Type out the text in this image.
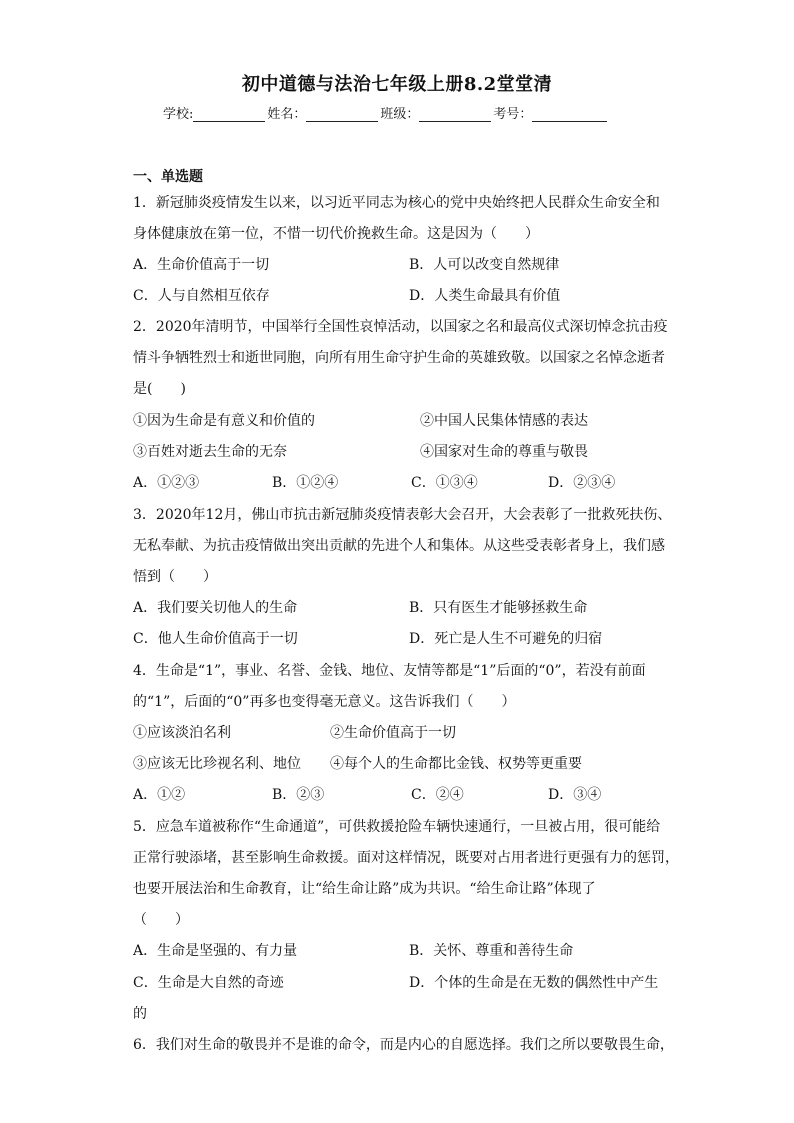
初中道德与法治七年级上册8.2堂堂清
学校:	姓名：	班级：	考号：
一、单选题
1．新冠肺炎疫情发生以来，以习近平同志为核心的党中央始终把人民群众生命安全和
身体健康放在第一位，不惜一切代价挽救生命。这是因为（　　）
A．生命价值高于一切	B．人可以改变自然规律
C．人与自然相互依存	D．人类生命最具有价值
2．2020年清明节，中国举行全国性哀悼活动，以国家之名和最高仪式深切悼念抗击疫
情斗争牺牲烈士和逝世同胞，向所有用生命守护生命的英雄致敬。以国家之名悼念逝者
是(　　)
①因为生命是有意义和价值的	②中国人民集体情感的表达
③百姓对逝去生命的无奈	④国家对生命的尊重与敬畏
A．①②③	B．①②④	C．①③④	D．②③④
3．2020年12月，佛山市抗击新冠肺炎疫情表彰大会召开，大会表彰了一批救死扶伤、
无私奉献、为抗击疫情做出突出贡献的先进个人和集体。从这些受表彰者身上，我们感
悟到（　　）
A．我们要关切他人的生命	B．只有医生才能够拯救生命
C．他人生命价值高于一切	D．死亡是人生不可避免的归宿
4．生命是“1”，事业、名誉、金钱、地位、友情等都是“1”后面的“0”，若没有前面
的“1”，后面的“0”再多也变得毫无意义。这告诉我们（　　）
①应该淡泊名利	②生命价值高于一切
③应该无比珍视名利、地位 ④每个人的生命都比金钱、权势等更重要
A．①②	B．②③	C．②④	D．③④
5．应急车道被称作“生命通道”，可供救援抢险车辆快速通行，一旦被占用，很可能给
正常行驶添堵，甚至影响生命救援。面对这样情况，既要对占用者进行更强有力的惩罚，
也要开展法治和生命教育，让“给生命让路”成为共识。“给生命让路”体现了
（　　）
A．生命是坚强的、有力量	B．关怀、尊重和善待生命
C．生命是大自然的奇迹	D．个体的生命是在无数的偶然性中产生
的
6．我们对生命的敬畏并不是谁的命令，而是内心的自愿选择。我们之所以要敬畏生命，
